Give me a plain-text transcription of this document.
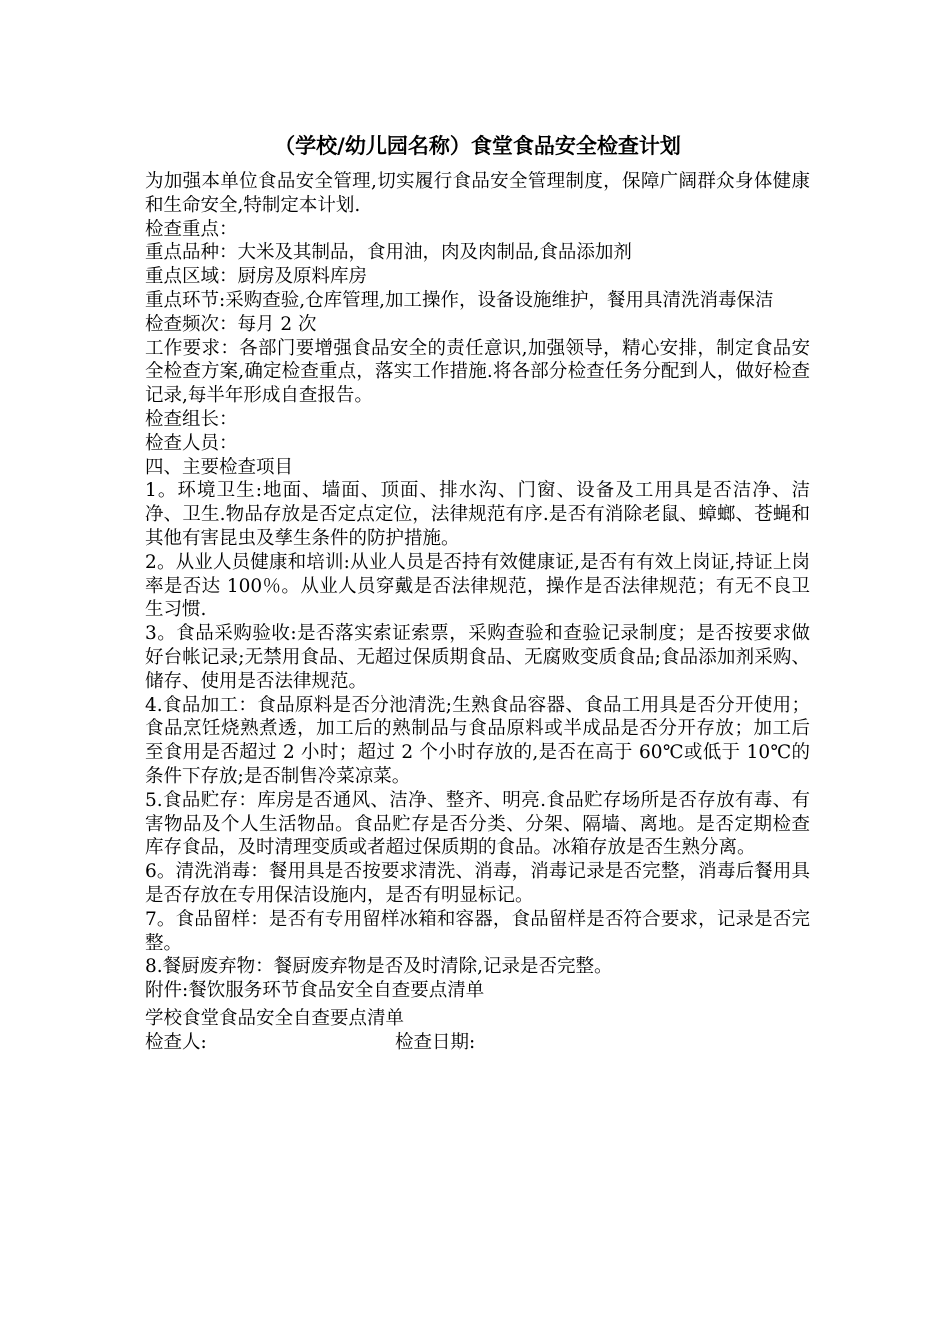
（学校/幼儿园名称）食堂食品安全检查计划

为加强本单位食品安全管理,切实履行食品安全管理制度，保障广阔群众身体健康和生命安全,特制定本计划.

检查重点：

重点品种：大米及其制品，食用油，肉及肉制品,食品添加剂

重点区域：厨房及原料库房

重点环节:采购查验,仓库管理,加工操作，设备设施维护，餐用具清洗消毒保洁

检查频次：每月 2 次

工作要求：各部门要增强食品安全的责任意识,加强领导，精心安排，制定食品安全检查方案,确定检查重点，落实工作措施.将各部分检查任务分配到人，做好检查记录,每半年形成自查报告。

检查组长：

检查人员：

四、主要检查项目

1。环境卫生:地面、墙面、顶面、排水沟、门窗、设备及工用具是否洁净、洁净、卫生.物品存放是否定点定位，法律规范有序.是否有消除老鼠、蟑螂、苍蝇和其他有害昆虫及孳生条件的防护措施。

2。从业人员健康和培训:从业人员是否持有效健康证,是否有有效上岗证,持证上岗率是否达 100％。从业人员穿戴是否法律规范，操作是否法律规范；有无不良卫生习惯.

3。食品采购验收:是否落实索证索票，采购查验和查验记录制度；是否按要求做好台帐记录;无禁用食品、无超过保质期食品、无腐败变质食品;食品添加剂采购、储存、使用是否法律规范。

4.食品加工：食品原料是否分池清洗;生熟食品容器、食品工用具是否分开使用；食品烹饪烧熟煮透，加工后的熟制品与食品原料或半成品是否分开存放；加工后至食用是否超过 2 小时；超过 2 个小时存放的,是否在高于 60℃或低于 10℃的条件下存放;是否制售冷菜凉菜。

5.食品贮存：库房是否通风、洁净、整齐、明亮.食品贮存场所是否存放有毒、有害物品及个人生活物品。食品贮存是否分类、分架、隔墙、离地。是否定期检查库存食品，及时清理变质或者超过保质期的食品。冰箱存放是否生熟分离。

6。清洗消毒：餐用具是否按要求清洗、消毒，消毒记录是否完整，消毒后餐用具是否存放在专用保洁设施内，是否有明显标记。

7。食品留样：是否有专用留样冰箱和容器，食品留样是否符合要求，记录是否完整。

8.餐厨废弃物：餐厨废弃物是否及时清除,记录是否完整。

附件:餐饮服务环节食品安全自查要点清单

学校食堂食品安全自查要点清单

检查人:	检查日期:
